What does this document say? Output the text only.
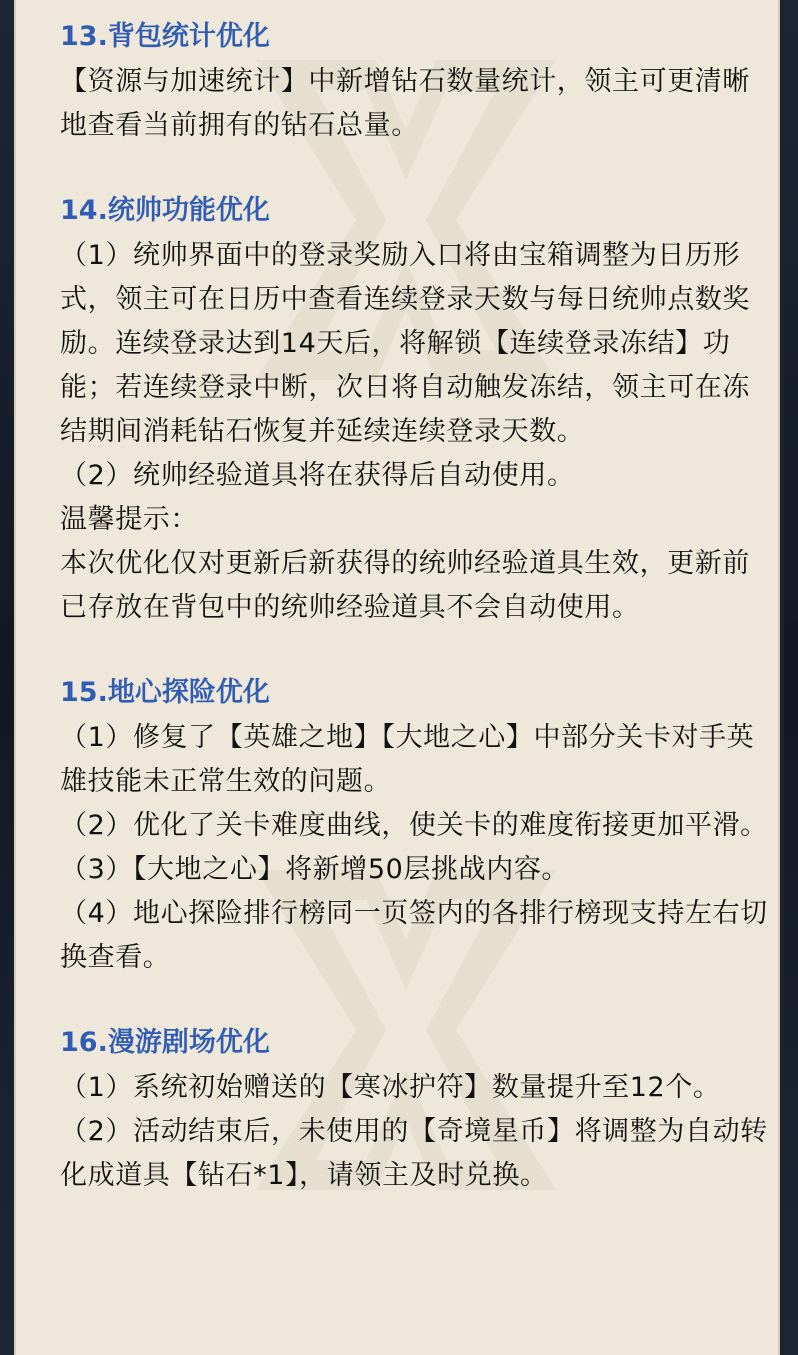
13.背包统计优化
【资源与加速统计】中新增钻石数量统计，领主可更清晰地查看当前拥有的钻石总量。
14.统帅功能优化
（1）统帅界面中的登录奖励入口将由宝箱调整为日历形式，领主可在日历中查看连续登录天数与每日统帅点数奖励。连续登录达到14天后，将解锁【连续登录冻结】功能；若连续登录中断，次日将自动触发冻结，领主可在冻结期间消耗钻石恢复并延续连续登录天数。
（2）统帅经验道具将在获得后自动使用。
温馨提示：
本次优化仅对更新后新获得的统帅经验道具生效，更新前已存放在背包中的统帅经验道具不会自动使用。
15.地心探险优化
（1）修复了【英雄之地】【大地之心】中部分关卡对手英雄技能未正常生效的问题。
（2）优化了关卡难度曲线，使关卡的难度衔接更加平滑。
（3）【大地之心】将新增50层挑战内容。
（4）地心探险排行榜同一页签内的各排行榜现支持左右切换查看。
16.漫游剧场优化
（1）系统初始赠送的【寒冰护符】数量提升至12个。
（2）活动结束后，未使用的【奇境星币】将调整为自动转化成道具【钻石*1】，请领主及时兑换。
